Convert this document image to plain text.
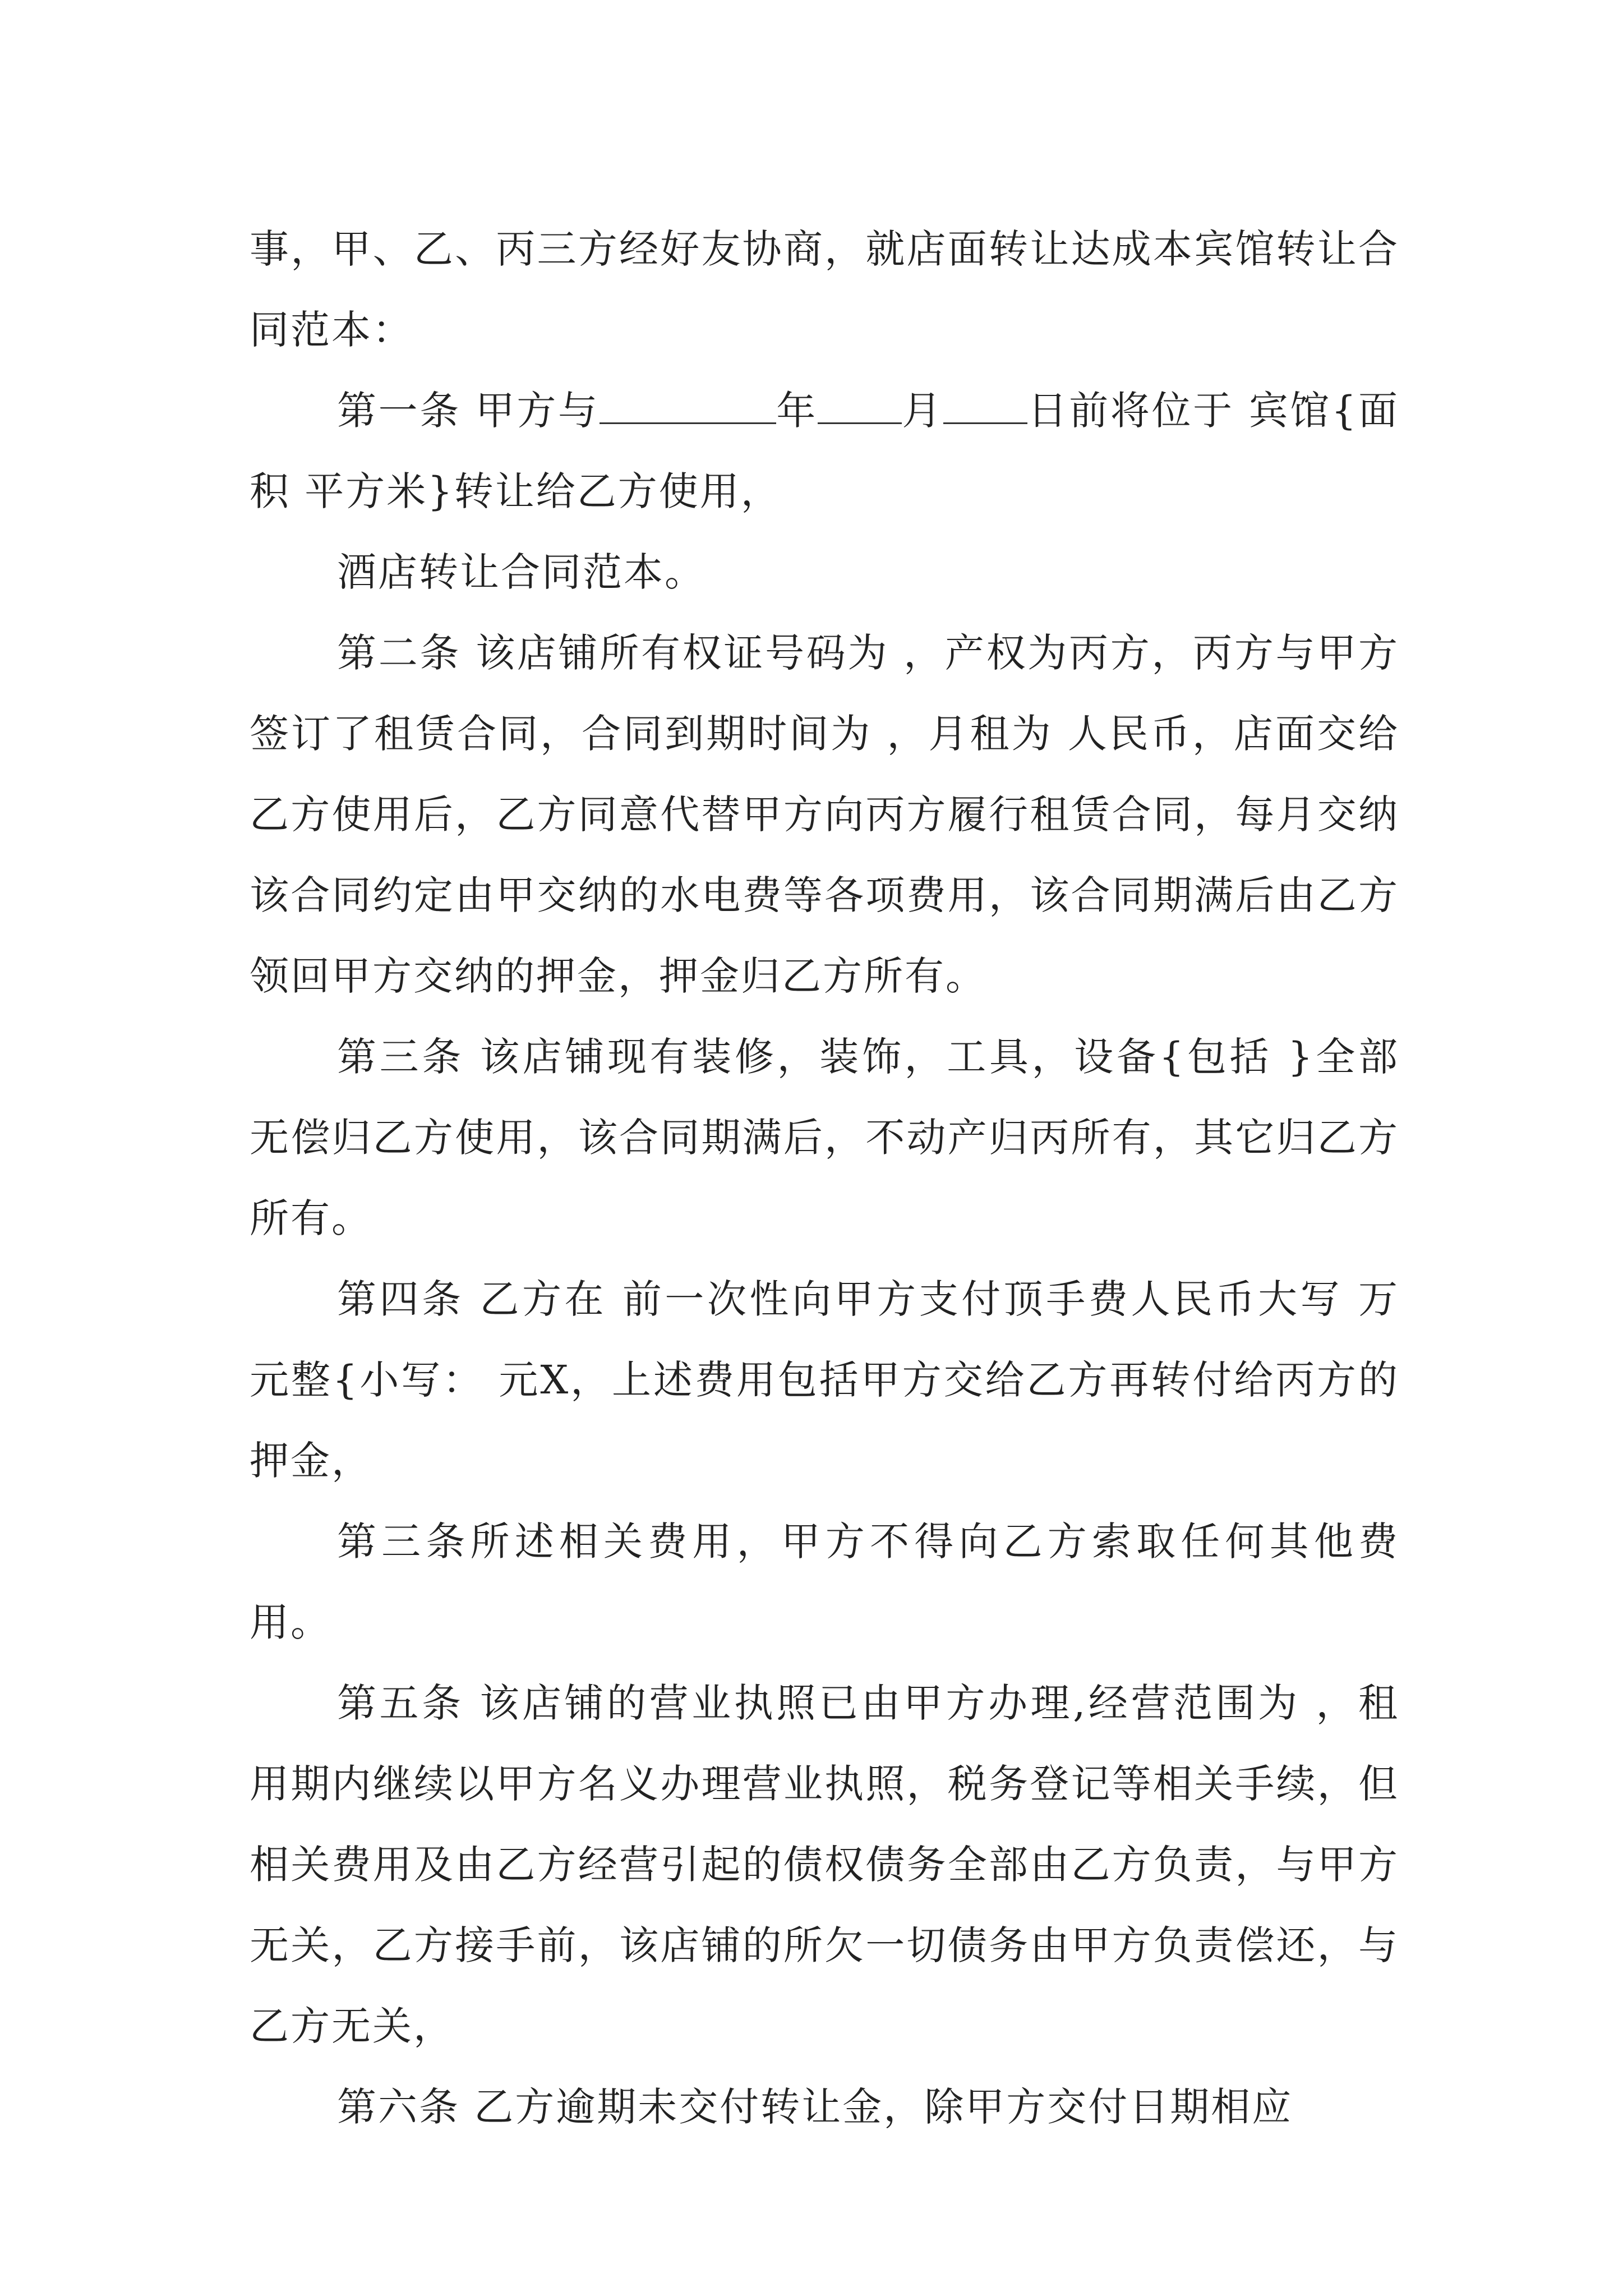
事，甲、乙、丙三方经好友协商，就店面转让达成本宾馆转让合同范本：

第一条 甲方与	年 月 日前将位于 宾馆{面积 平方米}转让给乙方使用，

酒店转让合同范本。

第二条 该店铺所有权证号码为 ，产权为丙方，丙方与甲方签订了租赁合同，合同到期时间为 ，月租为 人民币，店面交给乙方使用后，乙方同意代替甲方向丙方履行租赁合同，每月交纳该合同约定由甲交纳的水电费等各项费用，该合同期满后由乙方领回甲方交纳的押金，押金归乙方所有。

第三条 该店铺现有装修，装饰，工具，设备{包括 }全部无偿归乙方使用，该合同期满后，不动产归丙所有，其它归乙方所有。

第四条 乙方在 前一次性向甲方支付顶手费人民币大写 万元整{小写： 元X，上述费用包括甲方交给乙方再转付给丙方的押金，

第三条所述相关费用，甲方不得向乙方索取任何其他费用。

第五条 该店铺的营业执照已由甲方办理,经营范围为 ，租用期内继续以甲方名义办理营业执照，税务登记等相关手续，但相关费用及由乙方经营引起的债权债务全部由乙方负责，与甲方无关，乙方接手前，该店铺的所欠一切债务由甲方负责偿还，与乙方无关，

第六条 乙方逾期未交付转让金，除甲方交付日期相应
